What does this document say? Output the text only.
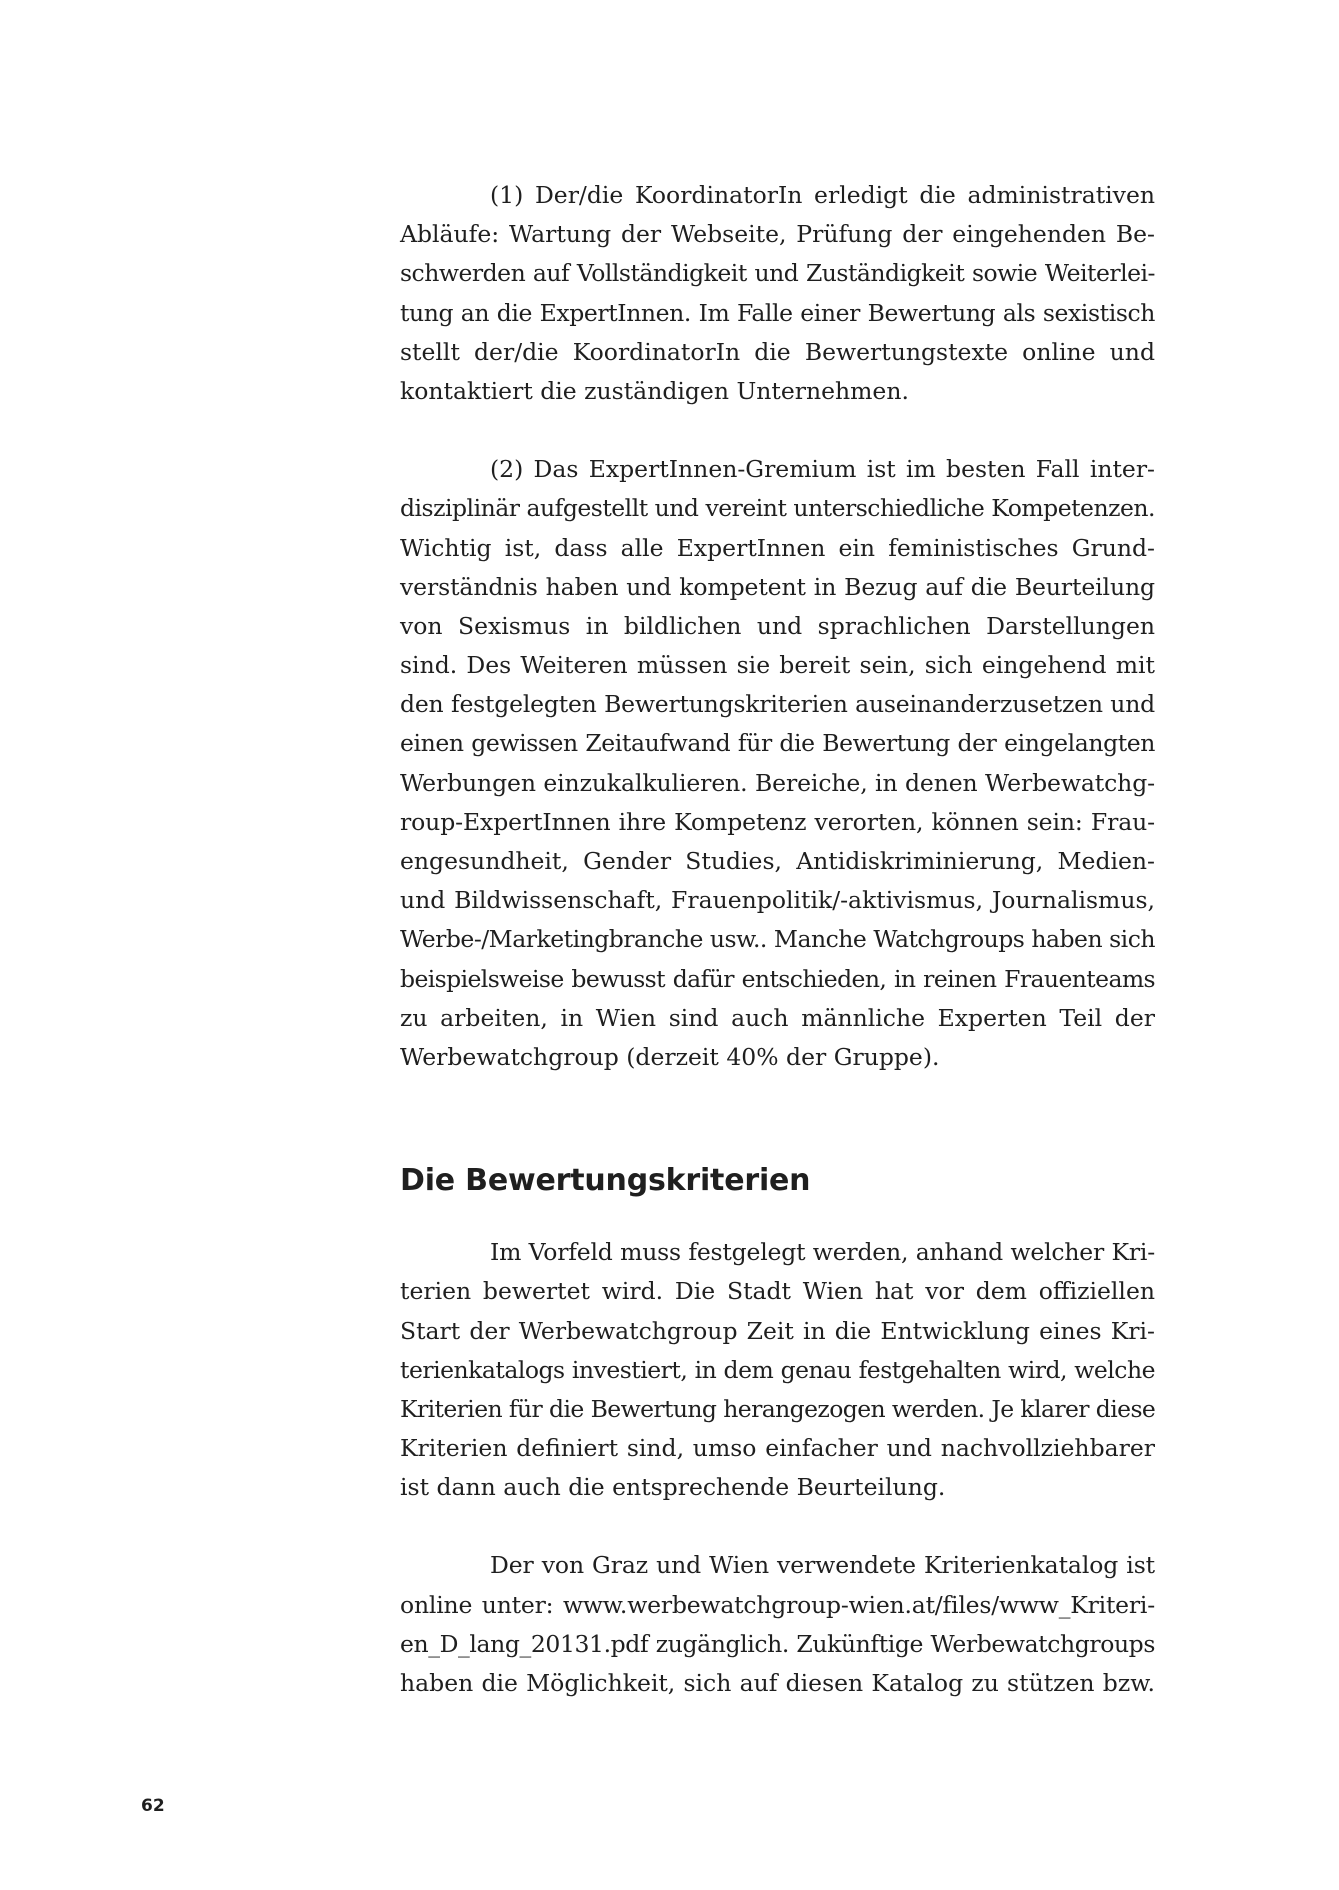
(1) Der/die KoordinatorIn erledigt die administrativen
Abläufe: Wartung der Webseite, Prüfung der eingehenden Be-
schwerden auf Vollständigkeit und Zuständigkeit sowie Weiterlei-
tung an die ExpertInnen. Im Falle einer Bewertung als sexistisch
stellt der/die KoordinatorIn die Bewertungstexte online und
kontaktiert die zuständigen Unternehmen.
(2) Das ExpertInnen-Gremium ist im besten Fall inter-
disziplinär aufgestellt und vereint unterschiedliche Kompetenzen.
Wichtig ist, dass alle ExpertInnen ein feministisches Grund-
verständnis haben und kompetent in Bezug auf die Beurteilung
von Sexismus in bildlichen und sprachlichen Darstellungen
sind. Des Weiteren müssen sie bereit sein, sich eingehend mit
den festgelegten Bewertungskriterien auseinanderzusetzen und
einen gewissen Zeitaufwand für die Bewertung der eingelangten
Werbungen einzukalkulieren. Bereiche, in denen Werbewatchg-
roup-ExpertInnen ihre Kompetenz verorten, können sein: Frau-
engesundheit, Gender Studies, Antidiskriminierung, Medien-
und Bildwissenschaft, Frauenpolitik/-aktivismus, Journalismus,
Werbe-/Marketingbranche usw.. Manche Watchgroups haben sich
beispielsweise bewusst dafür entschieden, in reinen Frauenteams
zu arbeiten, in Wien sind auch männliche Experten Teil der
Werbewatchgroup (derzeit 40% der Gruppe).
Die Bewertungskriterien
Im Vorfeld muss festgelegt werden, anhand welcher Kri-
terien bewertet wird. Die Stadt Wien hat vor dem offiziellen
Start der Werbewatchgroup Zeit in die Entwicklung eines Kri-
terienkatalogs investiert, in dem genau festgehalten wird, welche
Kriterien für die Bewertung herangezogen werden. Je klarer diese
Kriterien definiert sind, umso einfacher und nachvollziehbarer
ist dann auch die entsprechende Beurteilung.
Der von Graz und Wien verwendete Kriterienkatalog ist
online unter: www.werbewatchgroup-wien.at/files/www_Kriteri-
en_D_lang_20131.pdf zugänglich. Zukünftige Werbewatchgroups
haben die Möglichkeit, sich auf diesen Katalog zu stützen bzw.
62
